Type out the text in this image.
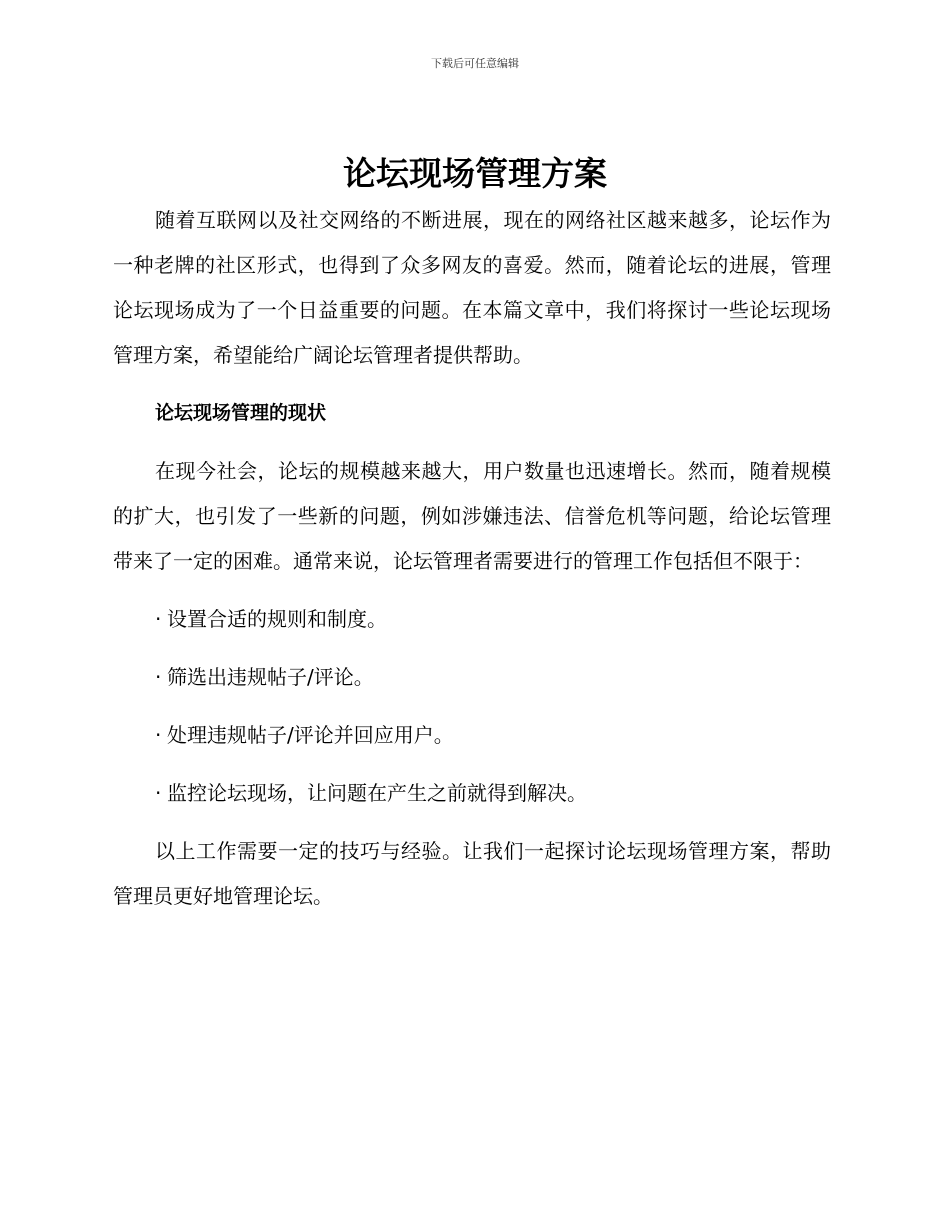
下载后可任意编辑
论坛现场管理方案

随着互联网以及社交网络的不断进展，现在的网络社区越来越多，论坛作为一种老牌的社区形式，也得到了众多网友的喜爱。然而，随着论坛的进展，管理论坛现场成为了一个日益重要的问题。在本篇文章中，我们将探讨一些论坛现场管理方案，希望能给广阔论坛管理者提供帮助。

论坛现场管理的现状

在现今社会，论坛的规模越来越大，用户数量也迅速增长。然而，随着规模的扩大，也引发了一些新的问题，例如涉嫌违法、信誉危机等问题，给论坛管理带来了一定的困难。通常来说，论坛管理者需要进行的管理工作包括但不限于：

· 设置合适的规则和制度。
· 筛选出违规帖子/评论。
· 处理违规帖子/评论并回应用户。
· 监控论坛现场，让问题在产生之前就得到解决。

以上工作需要一定的技巧与经验。让我们一起探讨论坛现场管理方案，帮助管理员更好地管理论坛。
